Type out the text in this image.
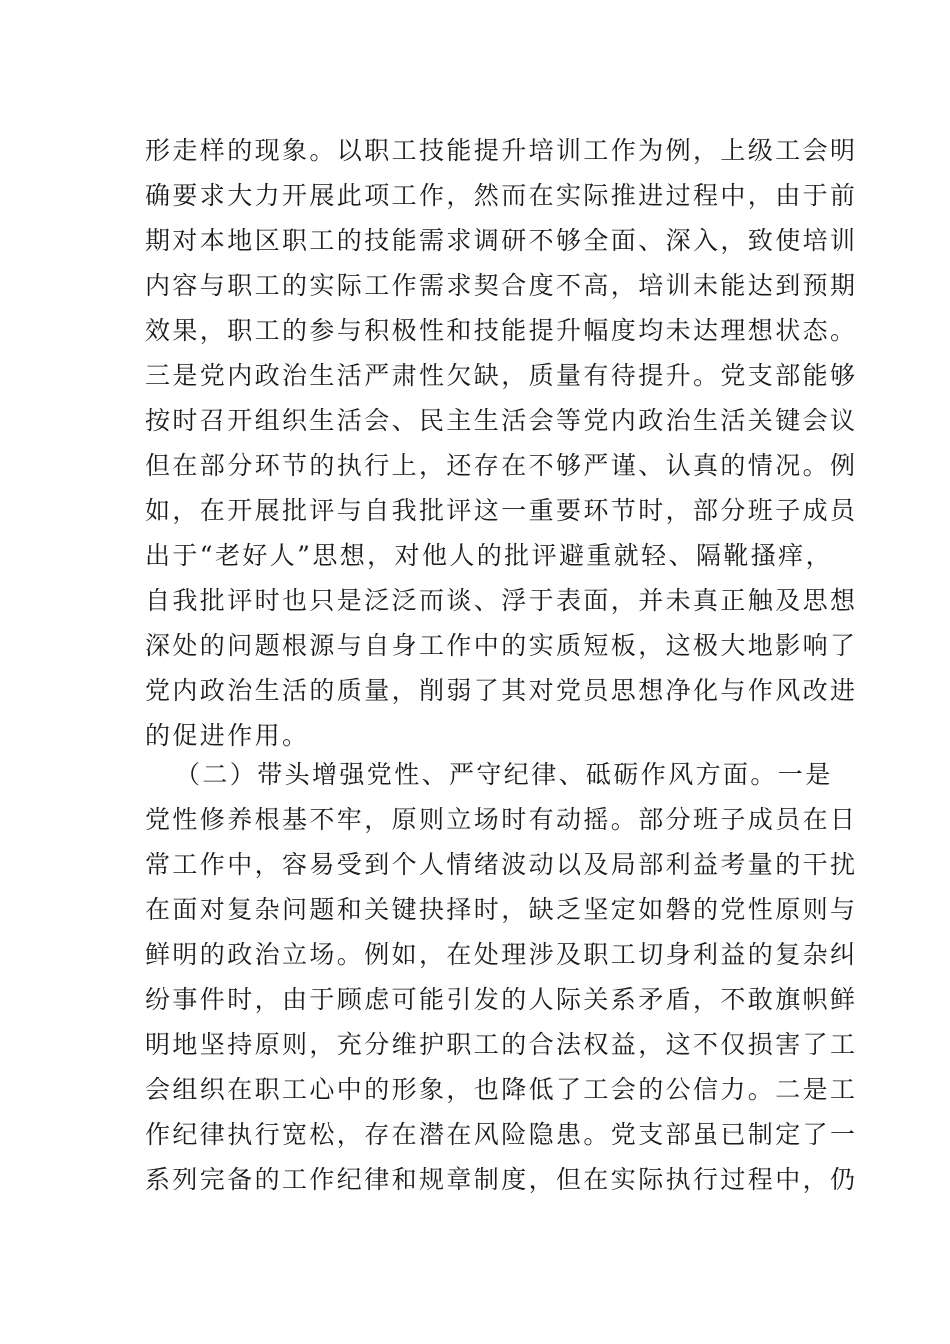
形走样的现象。以职工技能提升培训工作为例，上级工会明
确要求大力开展此项工作，然而在实际推进过程中，由于前
期对本地区职工的技能需求调研不够全面、深入，致使培训
内容与职工的实际工作需求契合度不高，培训未能达到预期
效果，职工的参与积极性和技能提升幅度均未达理想状态。
三是党内政治生活严肃性欠缺，质量有待提升。党支部能够
按时召开组织生活会、民主生活会等党内政治生活关键会议
但在部分环节的执行上，还存在不够严谨、认真的情况。例
如，在开展批评与自我批评这一重要环节时，部分班子成员
出于“老好人”思想，对他人的批评避重就轻、隔靴搔痒，
自我批评时也只是泛泛而谈、浮于表面，并未真正触及思想
深处的问题根源与自身工作中的实质短板，这极大地影响了
党内政治生活的质量，削弱了其对党员思想净化与作风改进
的促进作用。
（二）带头增强党性、严守纪律、砥砺作风方面。一是
党性修养根基不牢，原则立场时有动摇。部分班子成员在日
常工作中，容易受到个人情绪波动以及局部利益考量的干扰
在面对复杂问题和关键抉择时，缺乏坚定如磐的党性原则与
鲜明的政治立场。例如，在处理涉及职工切身利益的复杂纠
纷事件时，由于顾虑可能引发的人际关系矛盾，不敢旗帜鲜
明地坚持原则，充分维护职工的合法权益，这不仅损害了工
会组织在职工心中的形象，也降低了工会的公信力。二是工
作纪律执行宽松，存在潜在风险隐患。党支部虽已制定了一
系列完备的工作纪律和规章制度，但在实际执行过程中，仍
